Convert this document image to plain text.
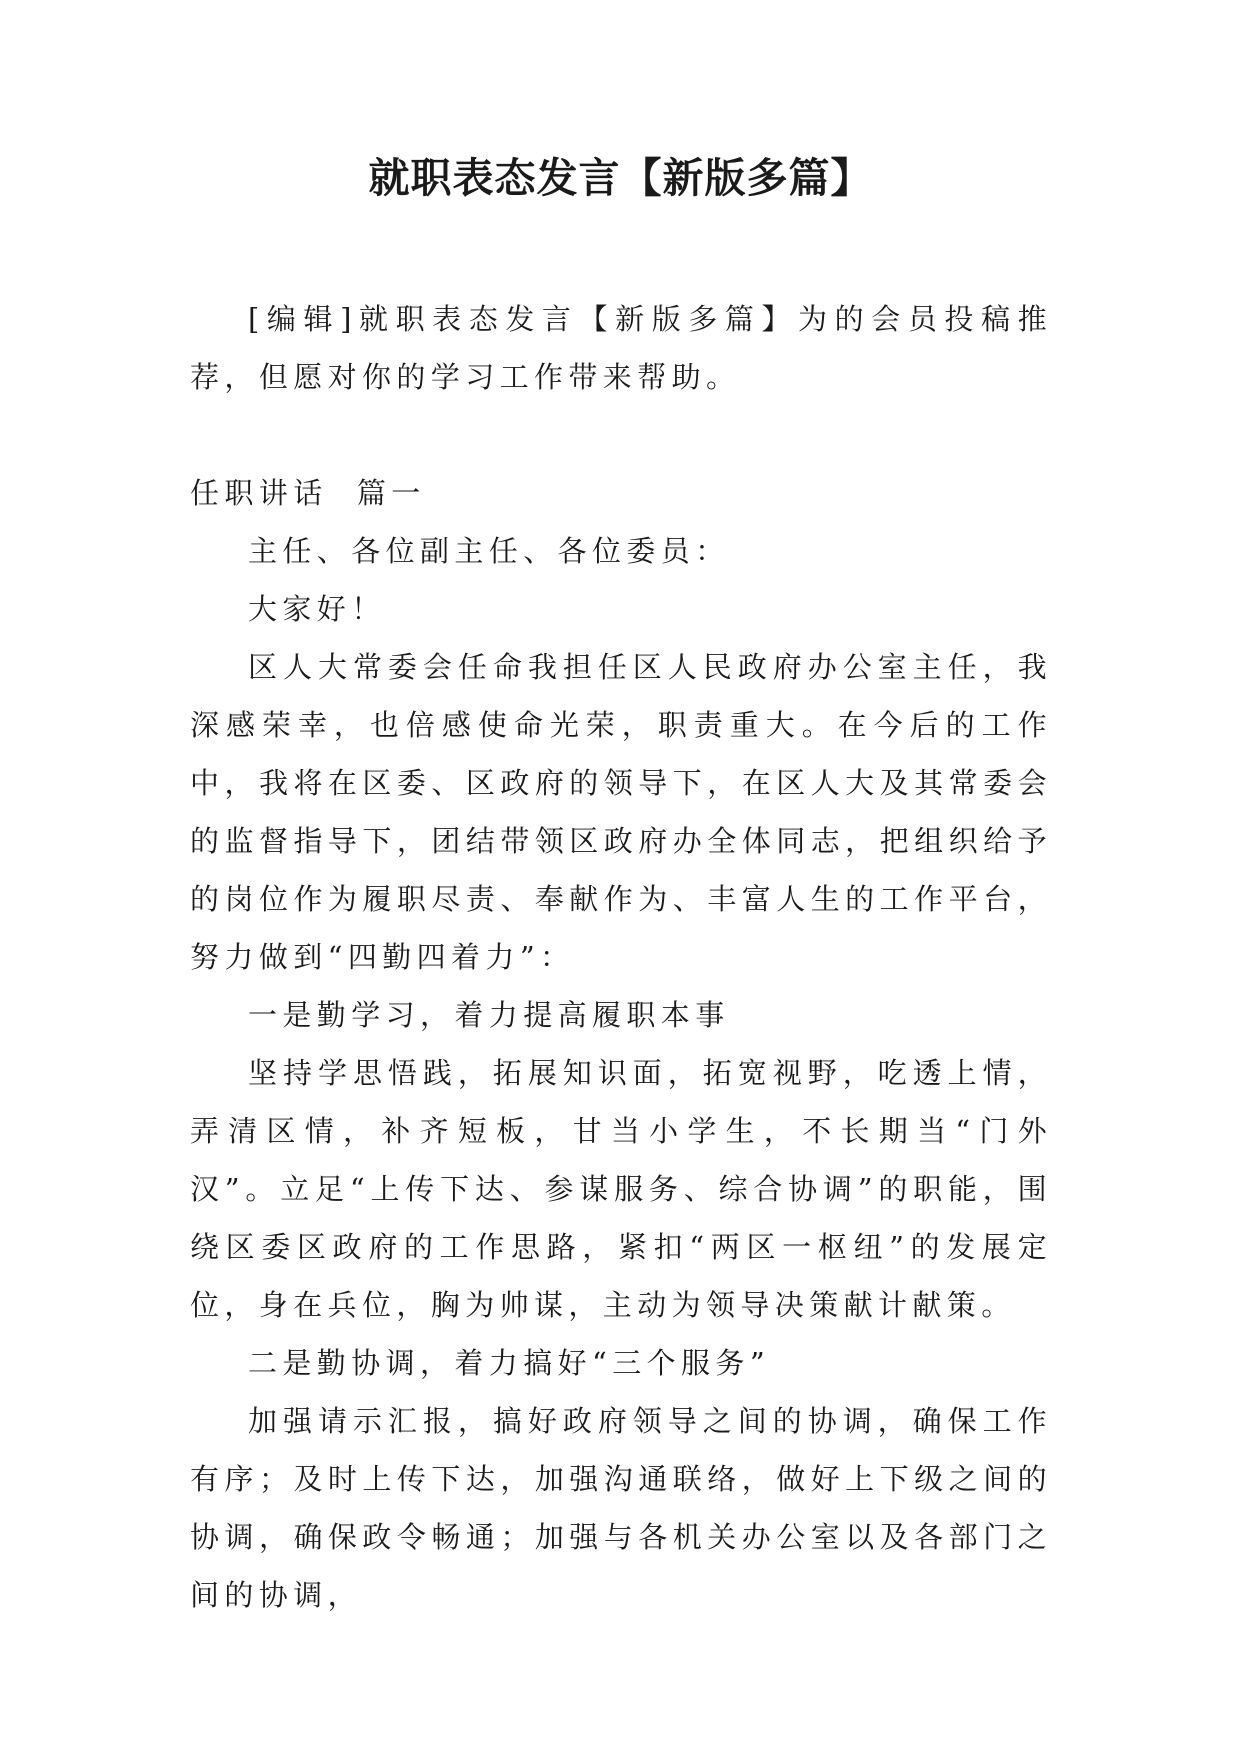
就职表态发言【新版多篇】

[编辑]就职表态发言【新版多篇】为的会员投稿推荐，但愿对你的学习工作带来帮助。

任职讲话  篇一

主任、各位副主任、各位委员：

大家好！

区人大常委会任命我担任区人民政府办公室主任，我深感荣幸，也倍感使命光荣，职责重大。在今后的工作中，我将在区委、区政府的领导下，在区人大及其常委会的监督指导下，团结带领区政府办全体同志，把组织给予的岗位作为履职尽责、奉献作为、丰富人生的工作平台，努力做到“四勤四着力”：

一是勤学习，着力提高履职本事

坚持学思悟践，拓展知识面，拓宽视野，吃透上情，弄清区情，补齐短板，甘当小学生，不长期当“门外汉”。立足“上传下达、参谋服务、综合协调”的职能，围绕区委区政府的工作思路，紧扣“两区一枢纽”的发展定位，身在兵位，胸为帅谋，主动为领导决策献计献策。

二是勤协调，着力搞好“三个服务”

加强请示汇报，搞好政府领导之间的协调，确保工作有序；及时上传下达，加强沟通联络，做好上下级之间的协调，确保政令畅通；加强与各机关办公室以及各部门之间的协调，
